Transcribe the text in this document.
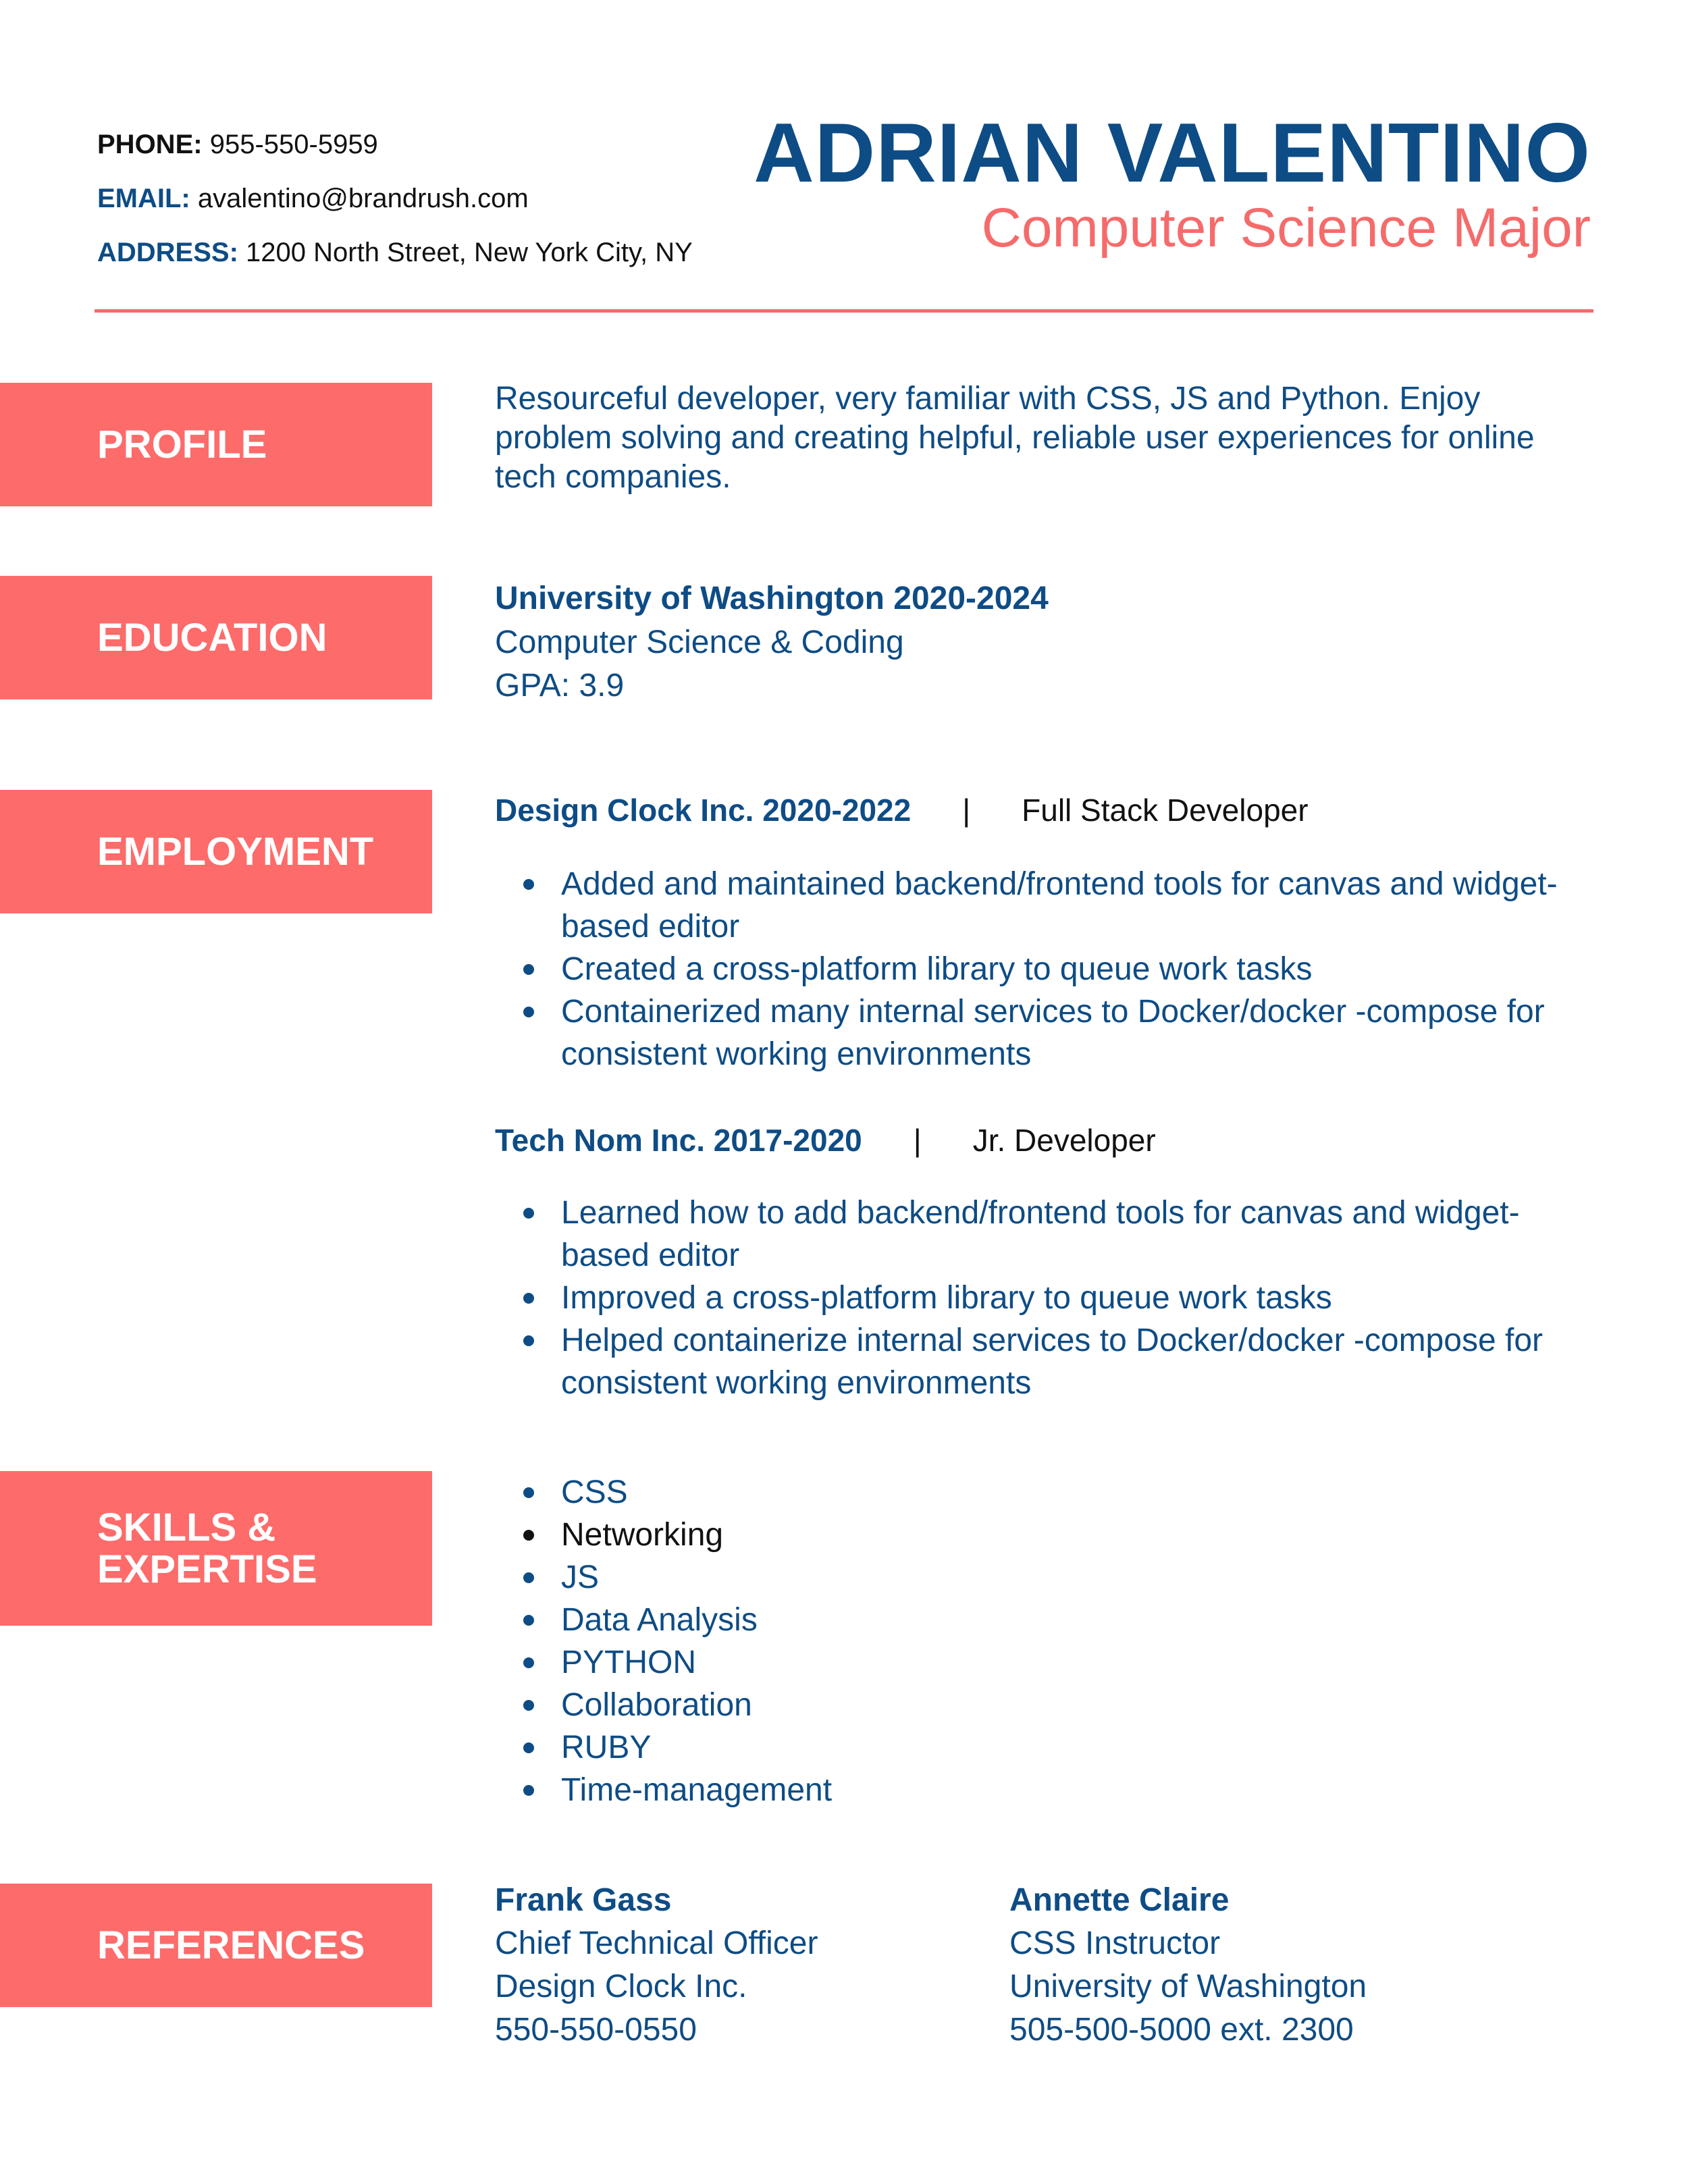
PHONE: 955-550-5959
EMAIL: avalentino@brandrush.com
ADDRESS: 1200 North Street, New York City, NY
ADRIAN VALENTINO
Computer Science Major
PROFILE
Resourceful developer, very familiar with CSS, JS and Python. Enjoy problem solving and creating helpful, reliable user experiences for online tech companies.
EDUCATION
University of Washington 2020-2024
Computer Science & Coding
GPA: 3.9
EMPLOYMENT
Design Clock Inc. 2020-2022 | Full Stack Developer
Added and maintained backend/frontend tools for canvas and widget-based editor
Created a cross-platform library to queue work tasks
Containerized many internal services to Docker/docker -compose for consistent working environments
Tech Nom Inc. 2017-2020 | Jr. Developer
Learned how to add backend/frontend tools for canvas and widget-based editor
Improved a cross-platform library to queue work tasks
Helped containerize internal services to Docker/docker -compose for consistent working environments
SKILLS &
EXPERTISE
CSS
Networking
JS
Data Analysis
PYTHON
Collaboration
RUBY
Time-management
REFERENCES
Frank Gass
Chief Technical Officer
Design Clock Inc.
550-550-0550
Annette Claire
CSS Instructor
University of Washington
505-500-5000 ext. 2300
